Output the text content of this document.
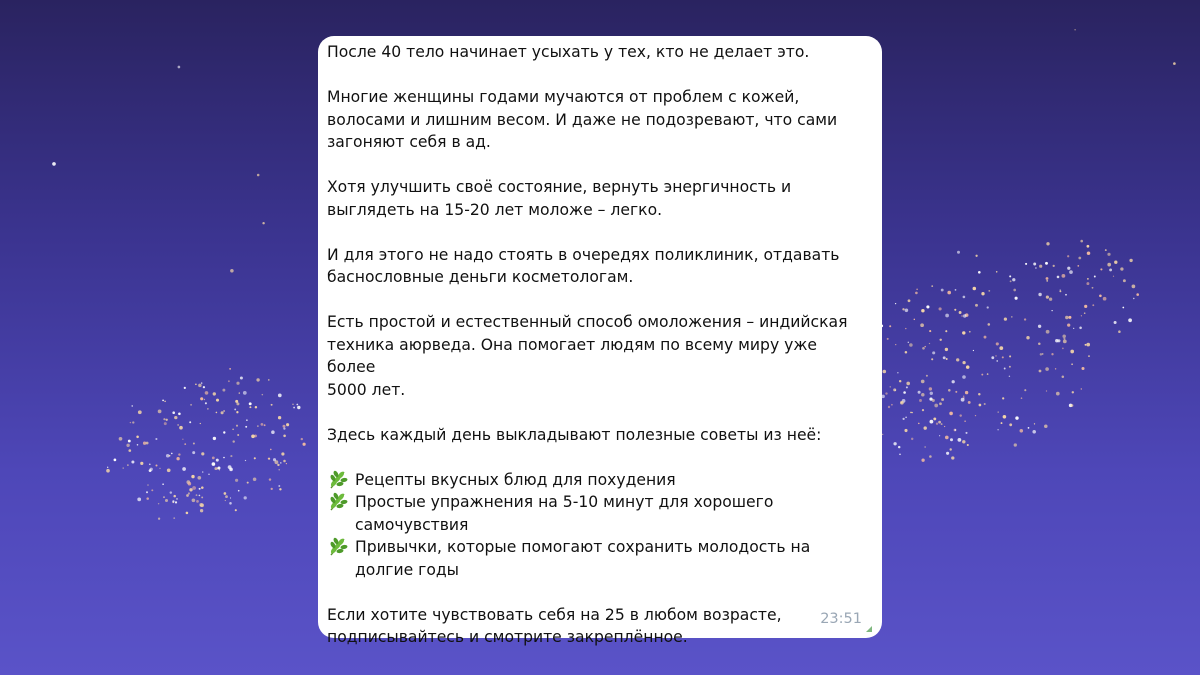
После 40 тело начинает усыхать у тех, кто не делает это.

Многие женщины годами мучаются от проблем с кожей,
волосами и лишним весом. И даже не подозревают, что сами
загоняют себя в ад.

Хотя улучшить своё состояние, вернуть энергичность и
выглядеть на 15-20 лет моложе – легко.

И для этого не надо стоять в очередях поликлиник, отдавать
баснословные деньги косметологам.

Есть простой и естественный способ омоложения – индийская
техника аюрведа. Она помогает людям по всему миру уже более
5000 лет.

Здесь каждый день выкладывают полезные советы из неё:

Рецепты вкусных блюд для похудения
Простые упражнения на 5-10 минут для хорошего
самочувствия
Привычки, которые помогают сохранить молодость на
долгие годы

Если хотите чувствовать себя на 25 в любом возрасте,
подписывайтесь и смотрите закреплённое.

23:51
